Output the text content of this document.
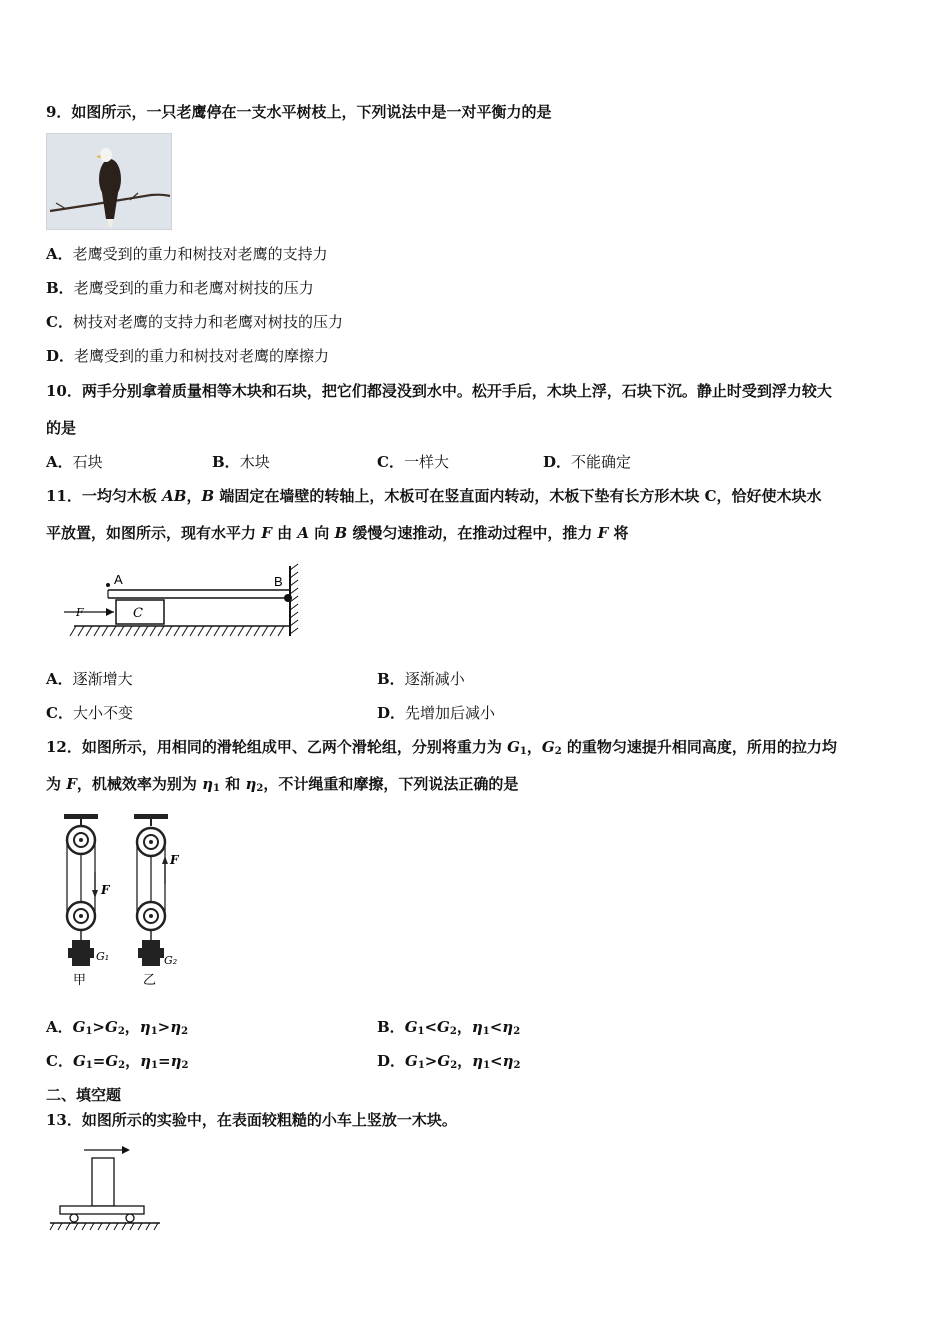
9．如图所示，一只老鹰停在一支水平树枝上，下列说法中是一对平衡力的是
A．老鹰受到的重力和树技对老鹰的支持力
B．老鹰受到的重力和老鹰对树技的压力
C．树技对老鹰的支持力和老鹰对树技的压力
D．老鹰受到的重力和树技对老鹰的摩擦力
10．两手分别拿着质量相等木块和石块，把它们都浸没到水中。松开手后，木块上浮，石块下沉。静止时受到浮力较大
的是
A．石块	B．木块	C．一样大	D．不能确定
11．一均匀木板 AB，B 端固定在墙壁的转轴上，木板可在竖直面内转动，木板下垫有长方形木块 C，恰好使木块水
平放置，如图所示，现有水平力 F 由 A 向 B 缓慢匀速推动，在推动过程中，推力 F 将
A	B
C
F
A．逐渐增大	B．逐渐减小
C．大小不变	D．先增加后减小
12．如图所示，用相同的滑轮组成甲、乙两个滑轮组，分别将重力为 $G_1$，$G_2$ 的重物匀速提升相同高度，所用的拉力均
为 F，机械效率为别为 $\eta_1$ 和 $\eta_2$，不计绳重和摩擦，下列说法正确的是
F
G₁
甲
F
G₂
乙
A．$G_1>G_2$，$\eta_1>\eta_2$	B．$G_1<G_2$，$\eta_1<\eta_2$
C．$G_1=G_2$，$\eta_1=\eta_2$	D．$G_1>G_2$，$\eta_1<\eta_2$
二、填空题
13．如图所示的实验中，在表面较粗糙的小车上竖放一木块。
